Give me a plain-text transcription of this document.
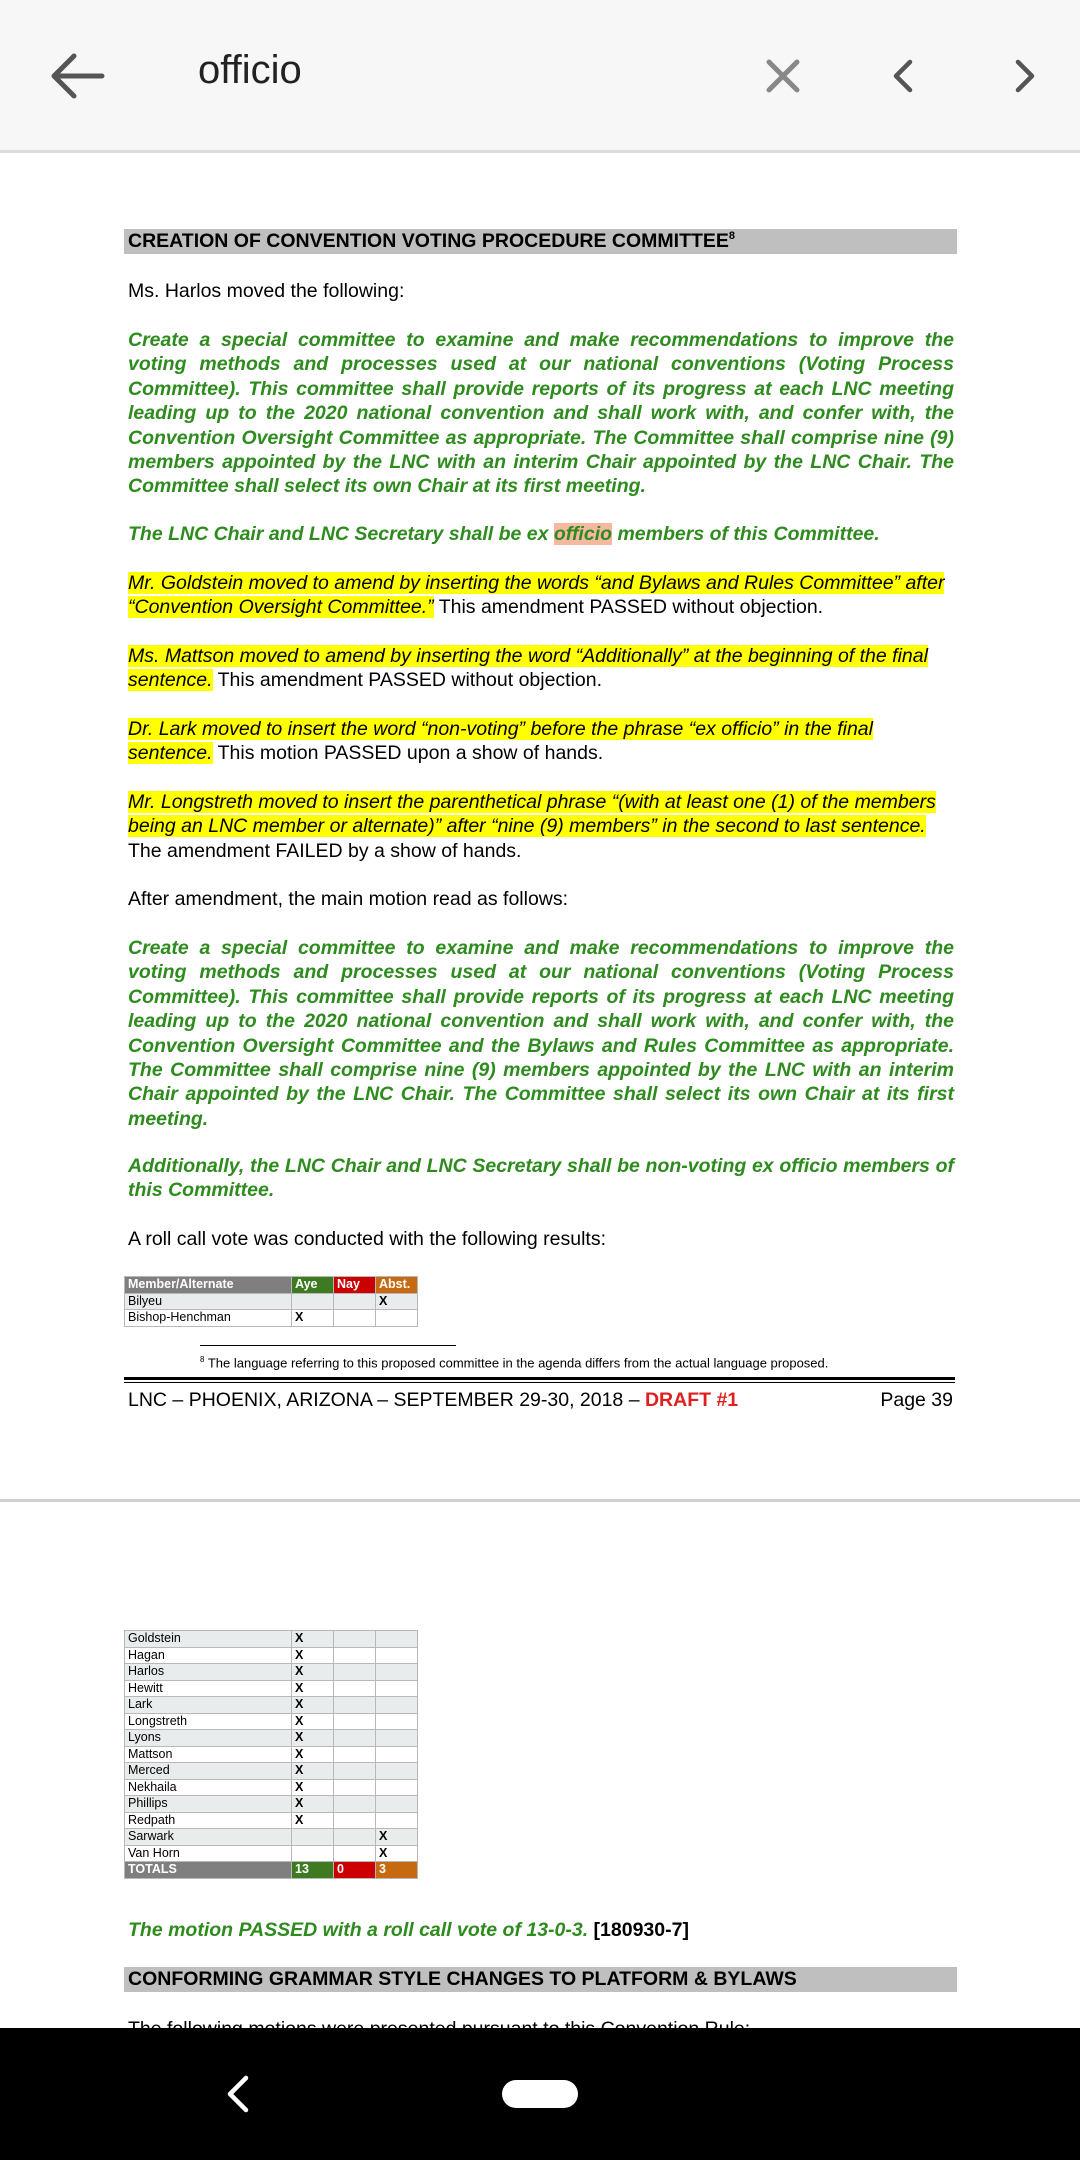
officio
CREATION OF CONVENTION VOTING PROCEDURE COMMITTEE$^8$
Ms. Harlos moved the following:
Create a special committee to examine and make recommendations to improve the voting methods and processes used at our national conventions (Voting Process Committee). This committee shall provide reports of its progress at each LNC meeting leading up to the 2020 national convention and shall work with, and confer with, the Convention Oversight Committee as appropriate. The Committee shall comprise nine (9) members appointed by the LNC with an interim Chair appointed by the LNC Chair. The Committee shall select its own Chair at its first meeting.
The LNC Chair and LNC Secretary shall be ex officio members of this Committee.
Mr. Goldstein moved to amend by inserting the words “and Bylaws and Rules Committee” after “Convention Oversight Committee.” This amendment PASSED without objection.
Ms. Mattson moved to amend by inserting the word “Additionally” at the beginning of the final sentence. This amendment PASSED without objection.
Dr. Lark moved to insert the word “non-voting” before the phrase “ex officio” in the final sentence. This motion PASSED upon a show of hands.
Mr. Longstreth moved to insert the parenthetical phrase “(with at least one (1) of the members being an LNC member or alternate)” after “nine (9) members” in the second to last sentence. The amendment FAILED by a show of hands.
After amendment, the main motion read as follows:
Create a special committee to examine and make recommendations to improve the voting methods and processes used at our national conventions (Voting Process Committee). This committee shall provide reports of its progress at each LNC meeting leading up to the 2020 national convention and shall work with, and confer with, the Convention Oversight Committee and the Bylaws and Rules Committee as appropriate. The Committee shall comprise nine (9) members appointed by the LNC with an interim Chair appointed by the LNC Chair. The Committee shall select its own Chair at its first meeting.
Additionally, the LNC Chair and LNC Secretary shall be non-voting ex officio members of this Committee.
A roll call vote was conducted with the following results:
Member/Alternate	Aye	Nay	Abst.
Bilyeu			X
Bishop-Henchman	X		
$^8$ The language referring to this proposed committee in the agenda differs from the actual language proposed.
LNC – PHOENIX, ARIZONA – SEPTEMBER 29-30, 2018 – DRAFT #1	Page 39
Goldstein	X		
Hagan	X		
Harlos	X		
Hewitt	X		
Lark	X		
Longstreth	X		
Lyons	X		
Mattson	X		
Merced	X		
Nekhaila	X		
Phillips	X		
Redpath	X		
Sarwark			X
Van Horn			X
TOTALS	13	0	3
The motion PASSED with a roll call vote of 13-0-3. [180930-7]
CONFORMING GRAMMAR STYLE CHANGES TO PLATFORM & BYLAWS
